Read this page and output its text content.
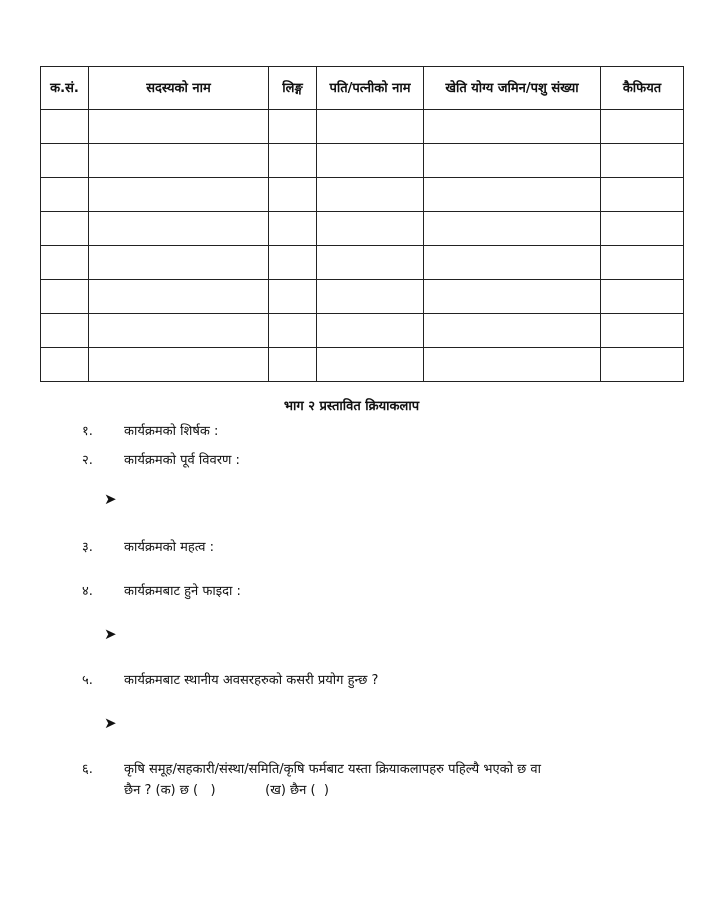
क.सं.	सदस्यको नाम	लिङ्ग	पति/पत्नीको नाम	खेति योग्य जमिन/पशु संख्या	कैफियत

भाग २ प्रस्तावित क्रियाकलाप
१.	कार्यक्रमको शिर्षक :
२.	कार्यक्रमको पूर्व विवरण :
➤
३.	कार्यक्रमको महत्व :
४.	कार्यक्रमबाट हुने फाइदा :
➤
५.	कार्यक्रमबाट स्थानीय अवसरहरुको कसरी प्रयोग हुन्छ ?
➤
६.	कृषि समूह/सहकारी/संस्था/समिति/कृषि फर्मबाट यस्ता क्रियाकलापहरु पहिल्यै भएको छ वा
छैन ? (क) छ (   )            (ख) छैन (  )
